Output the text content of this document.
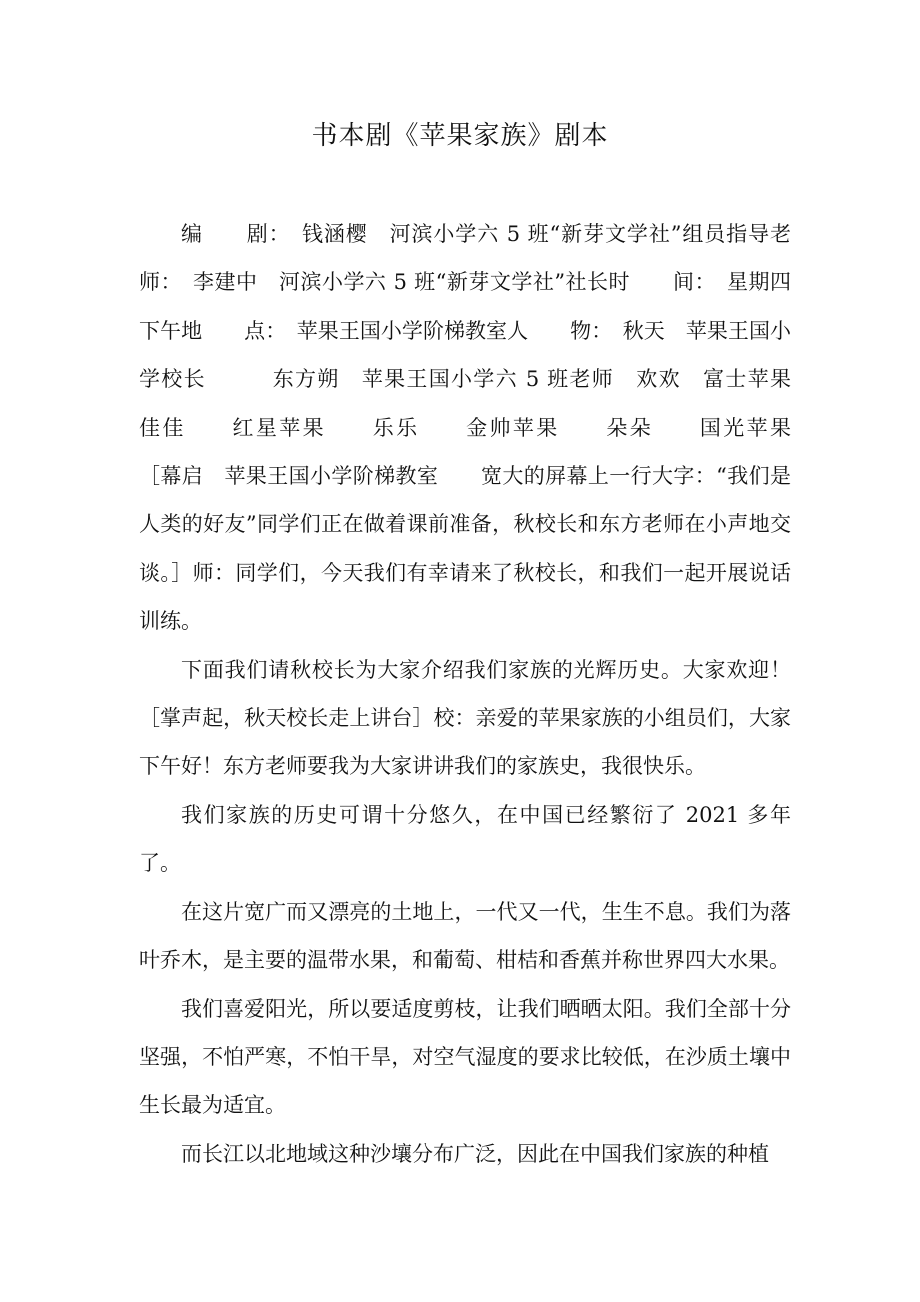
书本剧《苹果家族》剧本

编　　剧：　钱涵樱　河滨小学六 5 班“新芽文学社”组员指导老师：　李建中　河滨小学六 5 班“新芽文学社”社长时　　间：　星期四下午地　　点：　苹果王国小学阶梯教室人　　物：　秋天　苹果王国小学校长　　　东方朔　苹果王国小学六 5 班老师　欢欢　富士苹果　　佳佳　　红星苹果　　乐乐　　金帅苹果　　朵朵　　国光苹果　　［幕启　苹果王国小学阶梯教室　　宽大的屏幕上一行大字：“我们是人类的好友”同学们正在做着课前准备，秋校长和东方老师在小声地交谈。］师：同学们，今天我们有幸请来了秋校长，和我们一起开展说话训练。

下面我们请秋校长为大家介绍我们家族的光辉历史。大家欢迎！［掌声起，秋天校长走上讲台］校：亲爱的苹果家族的小组员们，大家下午好！东方老师要我为大家讲讲我们的家族史，我很快乐。

我们家族的历史可谓十分悠久，在中国已经繁衍了 2021 多年了。

在这片宽广而又漂亮的土地上，一代又一代，生生不息。我们为落叶乔木，是主要的温带水果，和葡萄、柑桔和香蕉并称世界四大水果。

我们喜爱阳光，所以要适度剪枝，让我们晒晒太阳。我们全部十分坚强，不怕严寒，不怕干旱，对空气湿度的要求比较低，在沙质土壤中生长最为适宜。

而长江以北地域这种沙壤分布广泛，因此在中国我们家族的种植
